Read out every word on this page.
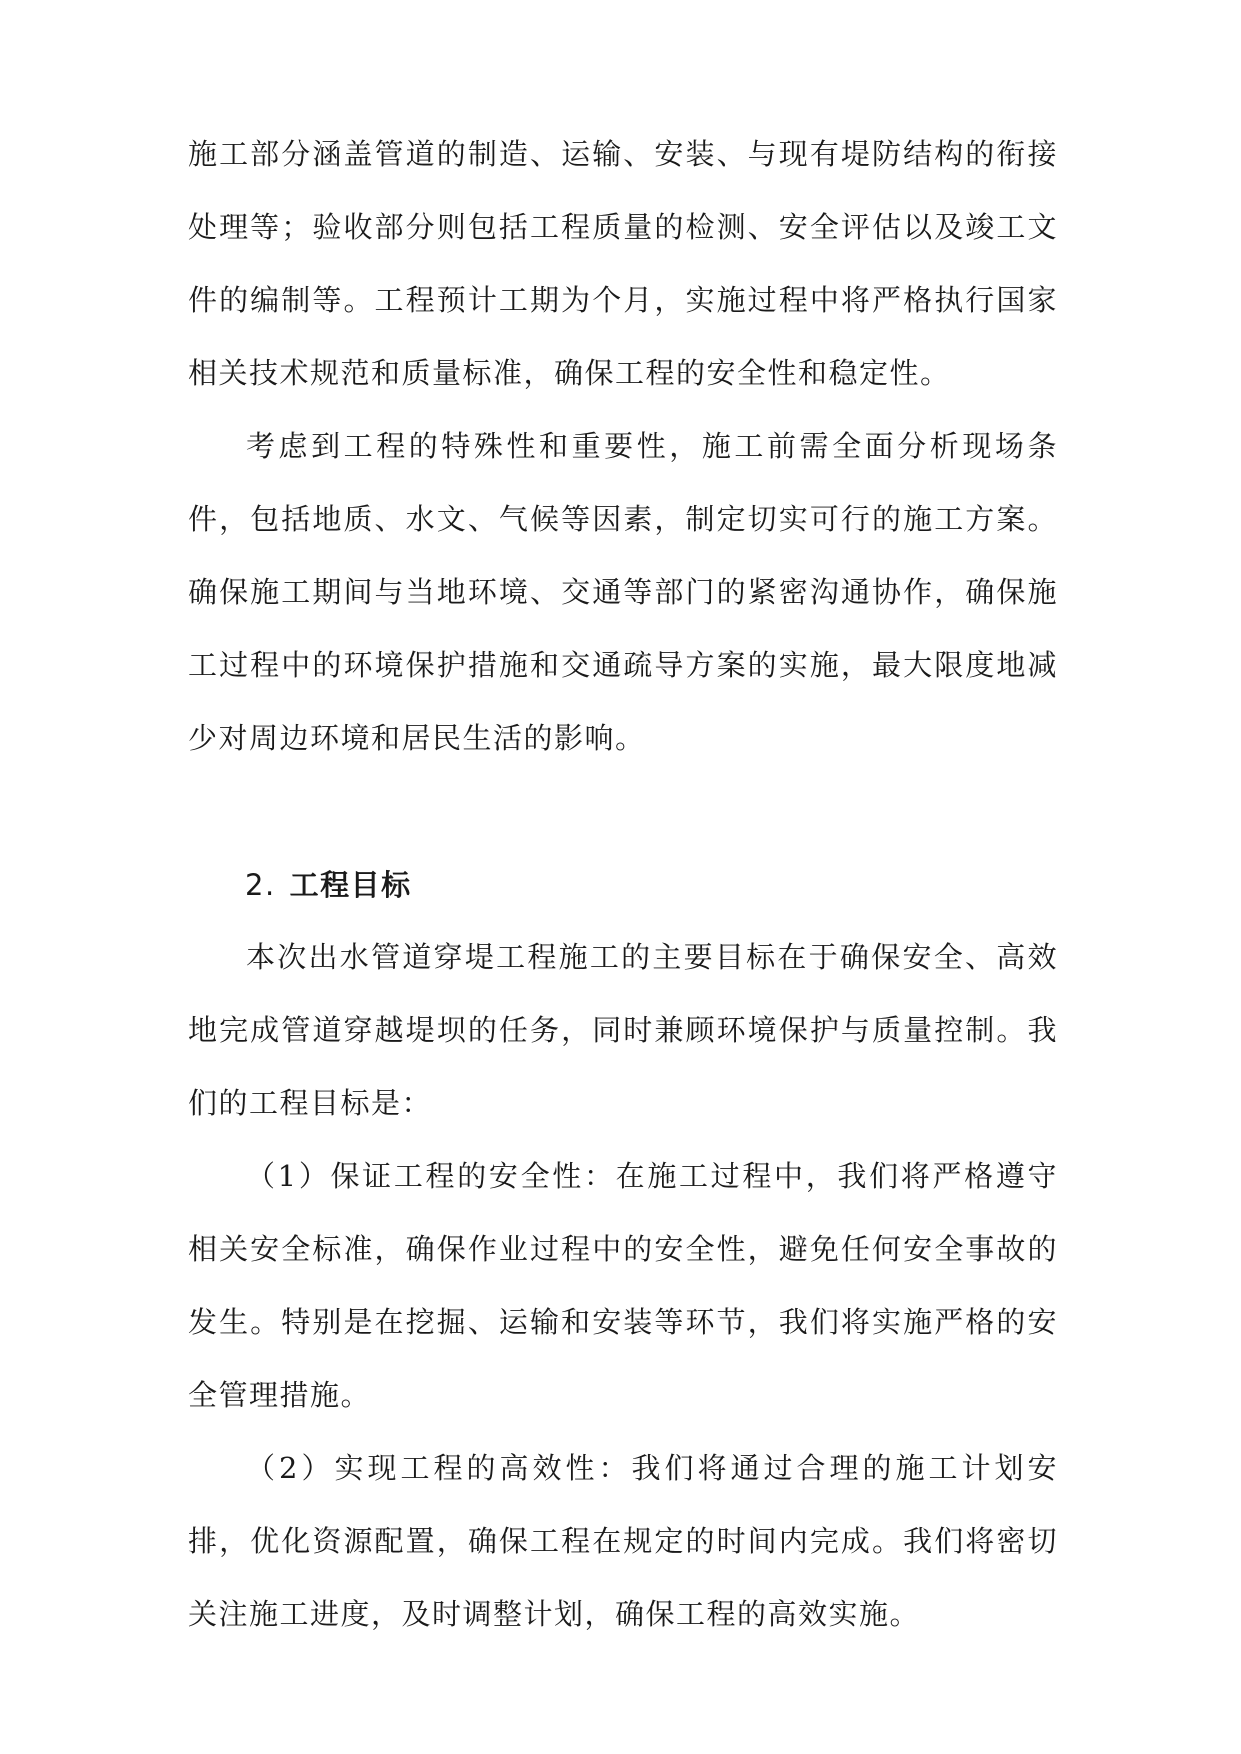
施工部分涵盖管道的制造、运输、安装、与现有堤防结构的衔接处理等；验收部分则包括工程质量的检测、安全评估以及竣工文件的编制等。工程预计工期为个月，实施过程中将严格执行国家相关技术规范和质量标准，确保工程的安全性和稳定性。

考虑到工程的特殊性和重要性，施工前需全面分析现场条件，包括地质、水文、气候等因素，制定切实可行的施工方案。确保施工期间与当地环境、交通等部门的紧密沟通协作，确保施工过程中的环境保护措施和交通疏导方案的实施，最大限度地减少对周边环境和居民生活的影响。

2. 工程目标

本次出水管道穿堤工程施工的主要目标在于确保安全、高效地完成管道穿越堤坝的任务，同时兼顾环境保护与质量控制。我们的工程目标是：

（1）保证工程的安全性：在施工过程中，我们将严格遵守相关安全标准，确保作业过程中的安全性，避免任何安全事故的发生。特别是在挖掘、运输和安装等环节，我们将实施严格的安全管理措施。

（2）实现工程的高效性：我们将通过合理的施工计划安排，优化资源配置，确保工程在规定的时间内完成。我们将密切关注施工进度，及时调整计划，确保工程的高效实施。
